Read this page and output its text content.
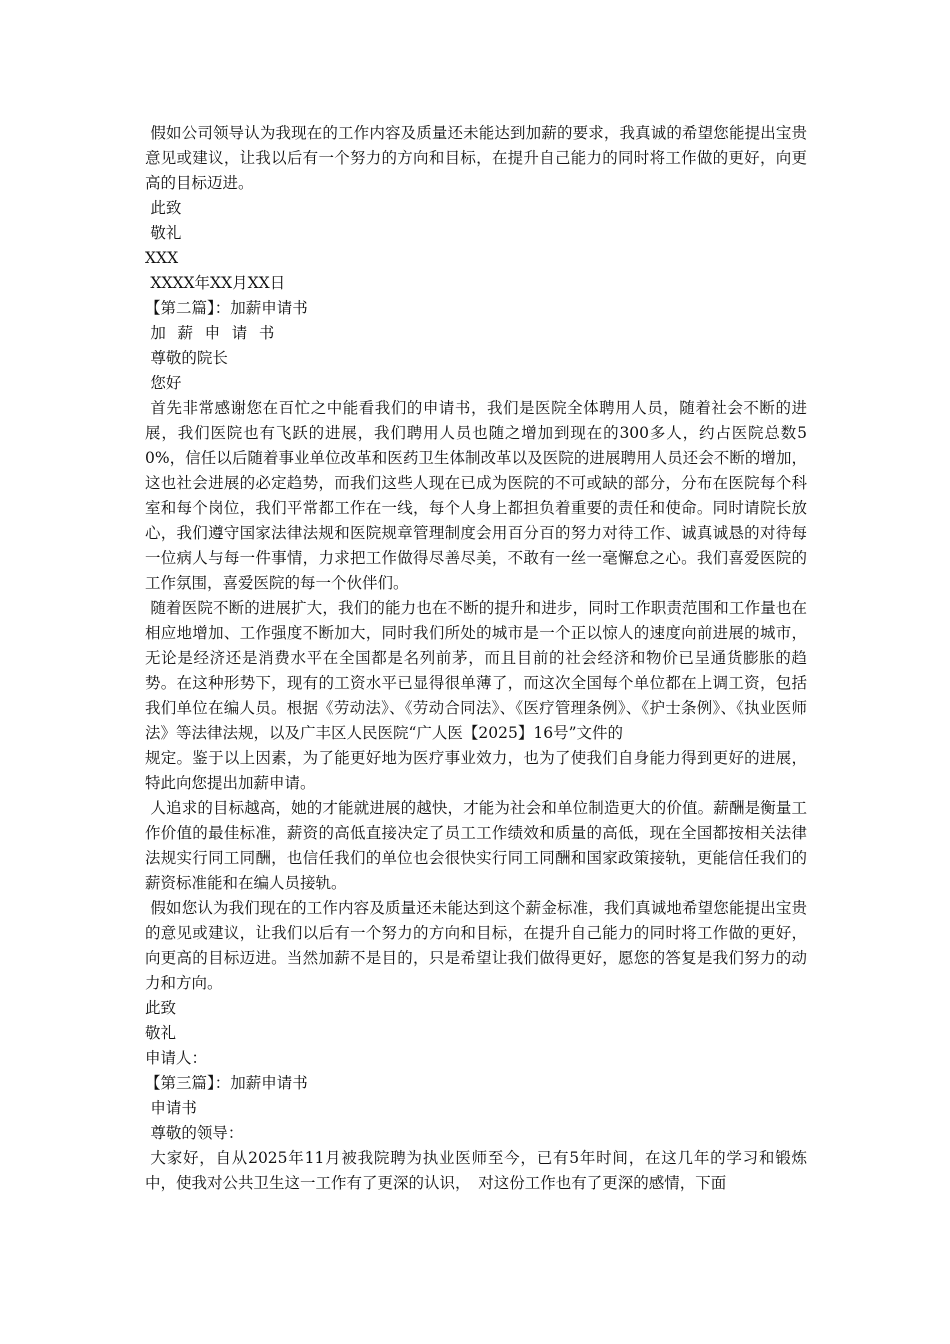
假如公司领导认为我现在的工作内容及质量还未能达到加薪的要求，我真诚的希望您能提出宝贵意见或建议，让我以后有一个努力的方向和目标，在提升自己能力的同时将工作做的更好，向更高的目标迈进。

此致

敬礼

XXX

XXXX年XX月XX日

【第二篇】：加薪申请书

加薪申请书

尊敬的院长

您好

首先非常感谢您在百忙之中能看我们的申请书，我们是医院全体聘用人员，随着社会不断的进展，我们医院也有飞跃的进展，我们聘用人员也随之增加到现在的300多人，约占医院总数50%，信任以后随着事业单位改革和医药卫生体制改革以及医院的进展聘用人员还会不断的增加，这也社会进展的必定趋势，而我们这些人现在已成为医院的不可或缺的部分，分布在医院每个科室和每个岗位，我们平常都工作在一线，每个人身上都担负着重要的责任和使命。同时请院长放心，我们遵守国家法律法规和医院规章管理制度会用百分百的努力对待工作、诚真诚恳的对待每一位病人与每一件事情，力求把工作做得尽善尽美，不敢有一丝一毫懈怠之心。我们喜爱医院的工作氛围，喜爱医院的每一个伙伴们。

随着医院不断的进展扩大，我们的能力也在不断的提升和进步，同时工作职责范围和工作量也在相应地增加、工作强度不断加大，同时我们所处的城市是一个正以惊人的速度向前进展的城市，无论是经济还是消费水平在全国都是名列前茅，而且目前的社会经济和物价已呈通货膨胀的趋势。在这种形势下，现有的工资水平已显得很单薄了，而这次全国每个单位都在上调工资，包括我们单位在编人员。根据《劳动法》、《劳动合同法》、《医疗管理条例》、《护士条例》、《执业医师法》等法律法规，以及广丰区人民医院“广人医【2025】16号”文件的

规定。鉴于以上因素，为了能更好地为医疗事业效力，也为了使我们自身能力得到更好的进展，特此向您提出加薪申请。

人追求的目标越高，她的才能就进展的越快，才能为社会和单位制造更大的价值。薪酬是衡量工作价值的最佳标准，薪资的高低直接决定了员工工作绩效和质量的高低，现在全国都按相关法律法规实行同工同酬，也信任我们的单位也会很快实行同工同酬和国家政策接轨，更能信任我们的薪资标准能和在编人员接轨。

假如您认为我们现在的工作内容及质量还未能达到这个薪金标准，我们真诚地希望您能提出宝贵的意见或建议，让我们以后有一个努力的方向和目标，在提升自己能力的同时将工作做的更好，向更高的目标迈进。当然加薪不是目的，只是希望让我们做得更好，愿您的答复是我们努力的动力和方向。

此致

敬礼

申请人：

【第三篇】：加薪申请书

申请书

尊敬的领导：

大家好，自从2025年11月被我院聘为执业医师至今，已有5年时间，在这几年的学习和锻炼中，使我对公共卫生这一工作有了更深的认识，　对这份工作也有了更深的感情，下面
